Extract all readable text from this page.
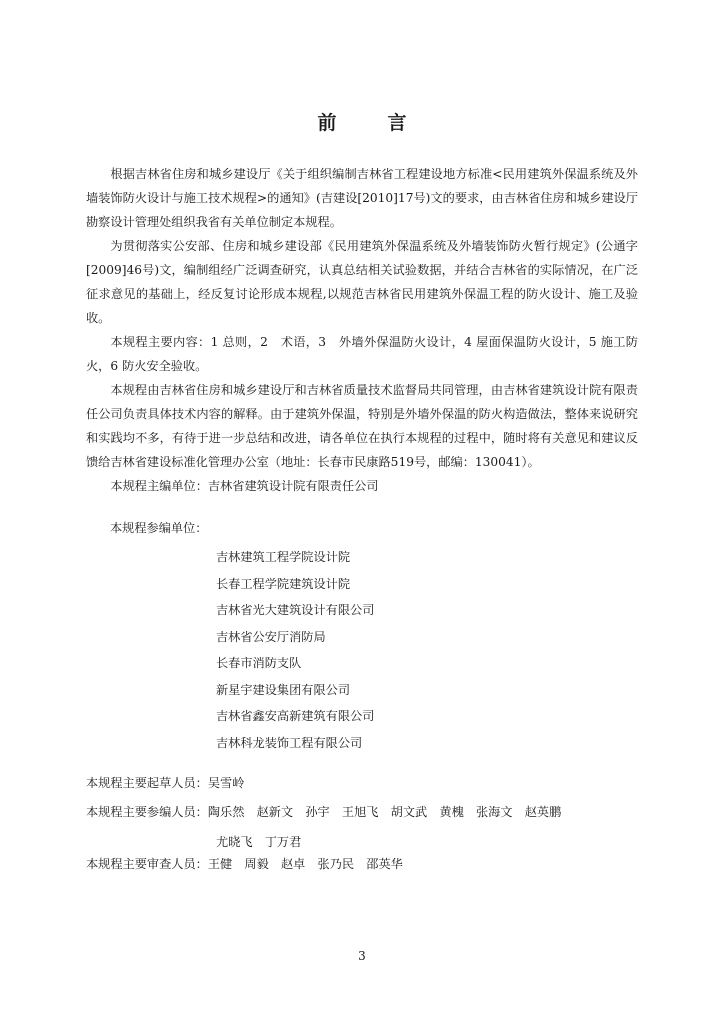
前　言

根据吉林省住房和城乡建设厅《关于组织编制吉林省工程建设地方标准<民用建筑外保温系统及外墙装饰防火设计与施工技术规程>的通知》(吉建设[2010]17号)文的要求，由吉林省住房和城乡建设厅勘察设计管理处组织我省有关单位制定本规程。

为贯彻落实公安部、住房和城乡建设部《民用建筑外保温系统及外墙装饰防火暂行规定》(公通字[2009]46号)文，编制组经广泛调查研究，认真总结相关试验数据，并结合吉林省的实际情况，在广泛征求意见的基础上，经反复讨论形成本规程,以规范吉林省民用建筑外保温工程的防火设计、施工及验收。

本规程主要内容：1 总则，2　术语，3　外墙外保温防火设计，4 屋面保温防火设计，5 施工防火，6 防火安全验收。

本规程由吉林省住房和城乡建设厅和吉林省质量技术监督局共同管理，由吉林省建筑设计院有限责任公司负责具体技术内容的解释。由于建筑外保温，特别是外墙外保温的防火构造做法，整体来说研究和实践均不多，有待于进一步总结和改进，请各单位在执行本规程的过程中，随时将有关意见和建议反馈给吉林省建设标准化管理办公室（地址：长春市民康路519号，邮编：130041）。

本规程主编单位：吉林省建筑设计院有限责任公司

本规程参编单位：
吉林建筑工程学院设计院
长春工程学院建筑设计院
吉林省光大建筑设计有限公司
吉林省公安厅消防局
长春市消防支队
新星宇建设集团有限公司
吉林省鑫安高新建筑有限公司
吉林科龙装饰工程有限公司
本规程主要起草人员：吴雪岭
本规程主要参编人员：陶乐然　赵新文　孙宇　王旭飞　胡文武　黄槐　张海文　赵英鹏
尤晓飞　丁万君
本规程主要审查人员：王健　周毅　赵卓　张乃民　邵英华
3
